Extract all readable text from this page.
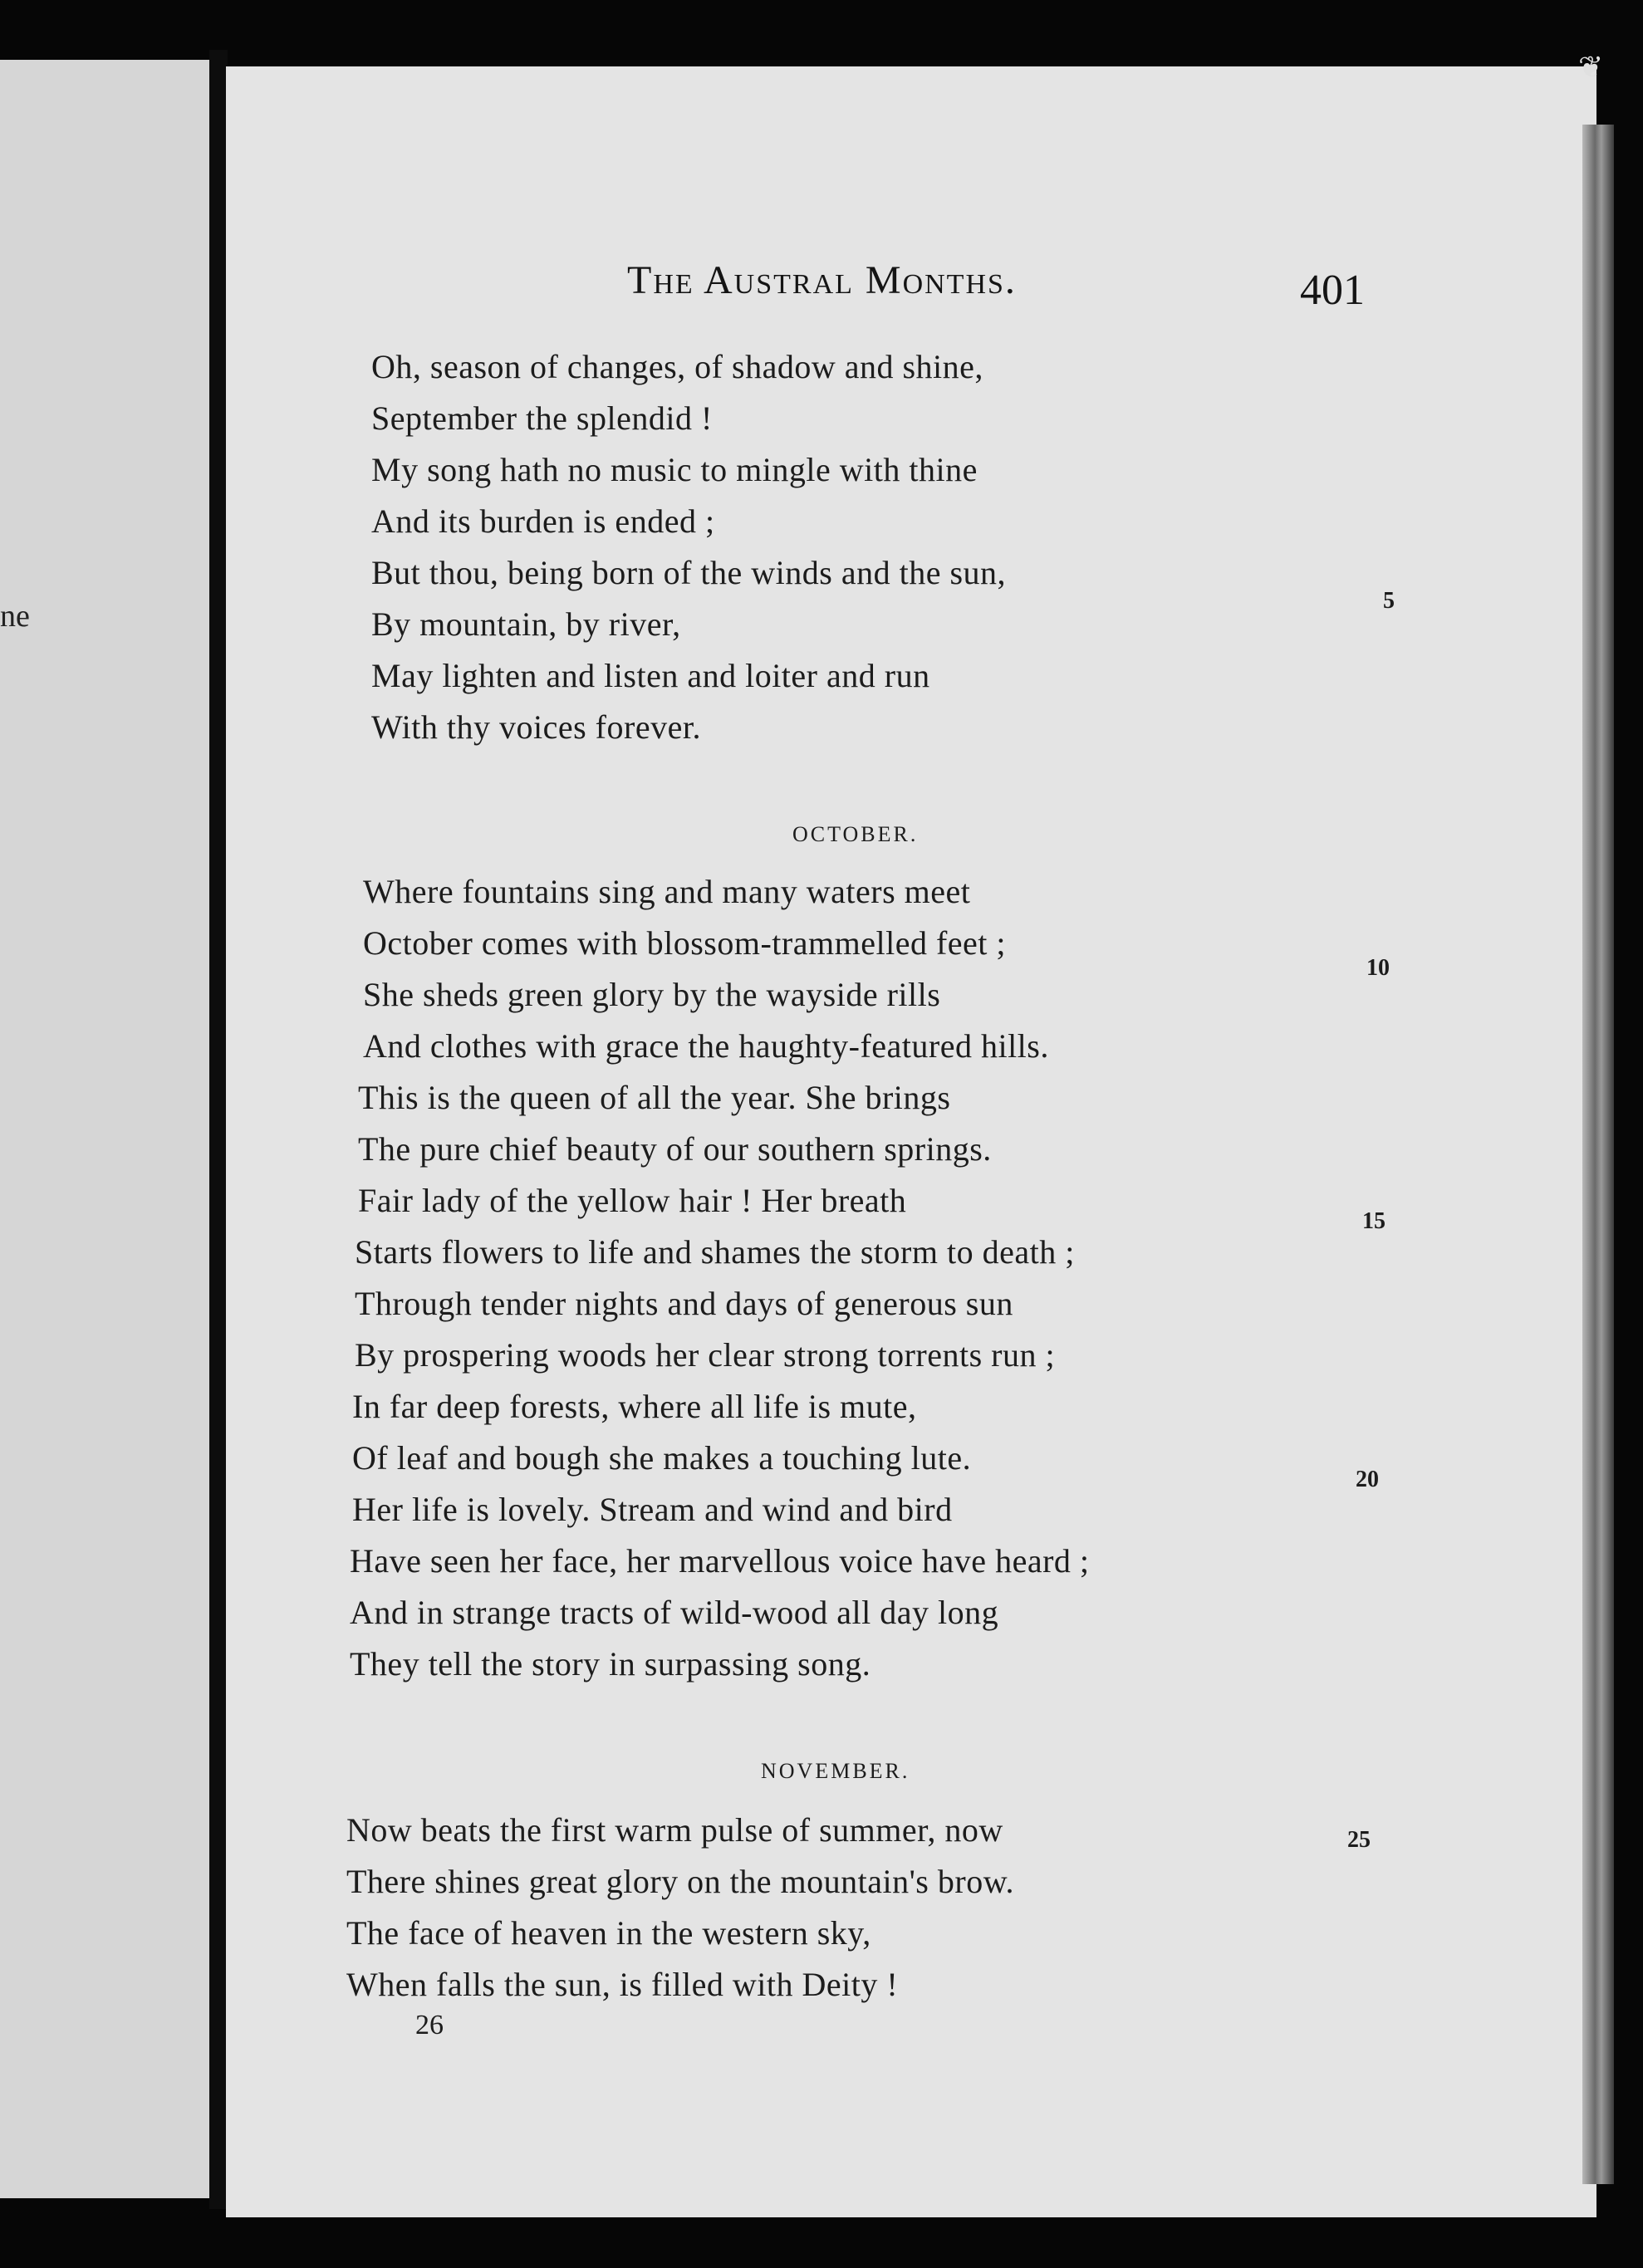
ne
❦
The Austral Months.	401
Oh, season of changes, of shadow and shine,
September the splendid !
My song hath no music to mingle with thine
And its burden is ended ;
But thou, being born of the winds and the sun,
By mountain, by river,
May lighten and listen and loiter and run
With thy voices forever.
OCTOBER.
Where fountains sing and many waters meet
October comes with blossom-trammelled feet ;
She sheds green glory by the wayside rills
And clothes with grace the haughty-featured hills.
This is the queen of all the year. She brings
The pure chief beauty of our southern springs.
Fair lady of the yellow hair ! Her breath
Starts flowers to life and shames the storm to death ;
Through tender nights and days of generous sun
By prospering woods her clear strong torrents run ;
In far deep forests, where all life is mute,
Of leaf and bough she makes a touching lute.
Her life is lovely. Stream and wind and bird
Have seen her face, her marvellous voice have heard ;
And in strange tracts of wild-wood all day long
They tell the story in surpassing song.
NOVEMBER.
Now beats the first warm pulse of summer, now
There shines great glory on the mountain's brow.
The face of heaven in the western sky,
When falls the sun, is filled with Deity !
26
5
10
15
20
25
